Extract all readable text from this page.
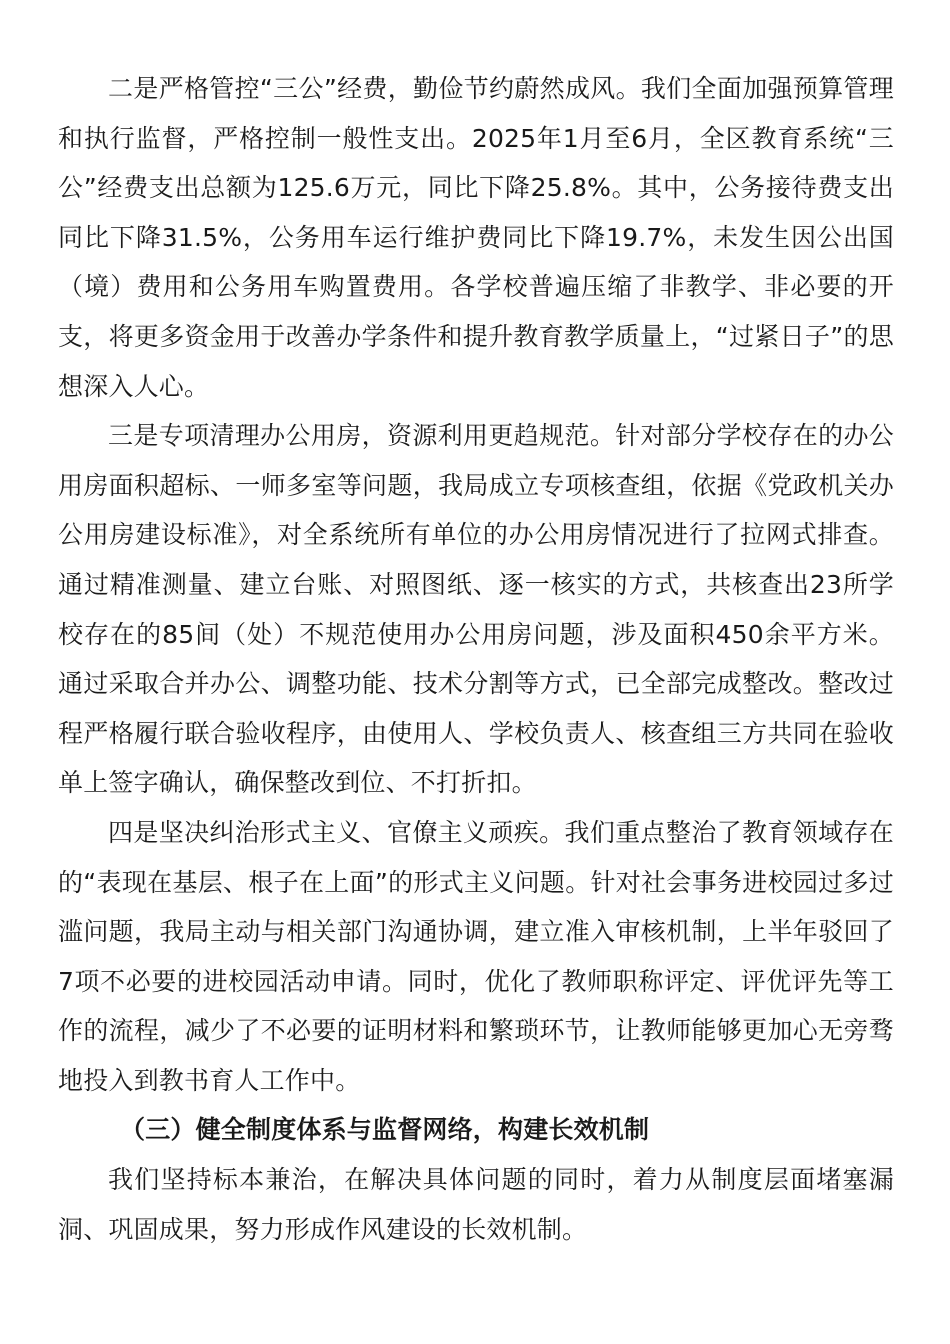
二是严格管控“三公”经费，勤俭节约蔚然成风。我们全面加强预算管理和执行监督，严格控制一般性支出。2025年1月至6月，全区教育系统“三公”经费支出总额为125.6万元，同比下降25.8%。其中，公务接待费支出同比下降31.5%，公务用车运行维护费同比下降19.7%，未发生因公出国（境）费用和公务用车购置费用。各学校普遍压缩了非教学、非必要的开支，将更多资金用于改善办学条件和提升教育教学质量上，“过紧日子”的思想深入人心。

三是专项清理办公用房，资源利用更趋规范。针对部分学校存在的办公用房面积超标、一师多室等问题，我局成立专项核查组，依据《党政机关办公用房建设标准》，对全系统所有单位的办公用房情况进行了拉网式排查。通过精准测量、建立台账、对照图纸、逐一核实的方式，共核查出23所学校存在的85间（处）不规范使用办公用房问题，涉及面积450余平方米。通过采取合并办公、调整功能、技术分割等方式，已全部完成整改。整改过程严格履行联合验收程序，由使用人、学校负责人、核查组三方共同在验收单上签字确认，确保整改到位、不打折扣。

四是坚决纠治形式主义、官僚主义顽疾。我们重点整治了教育领域存在的“表现在基层、根子在上面”的形式主义问题。针对社会事务进校园过多过滥问题，我局主动与相关部门沟通协调，建立准入审核机制，上半年驳回了7项不必要的进校园活动申请。同时，优化了教师职称评定、评优评先等工作的流程，减少了不必要的证明材料和繁琐环节，让教师能够更加心无旁骛地投入到教书育人工作中。

（三）健全制度体系与监督网络，构建长效机制

我们坚持标本兼治，在解决具体问题的同时，着力从制度层面堵塞漏洞、巩固成果，努力形成作风建设的长效机制。
